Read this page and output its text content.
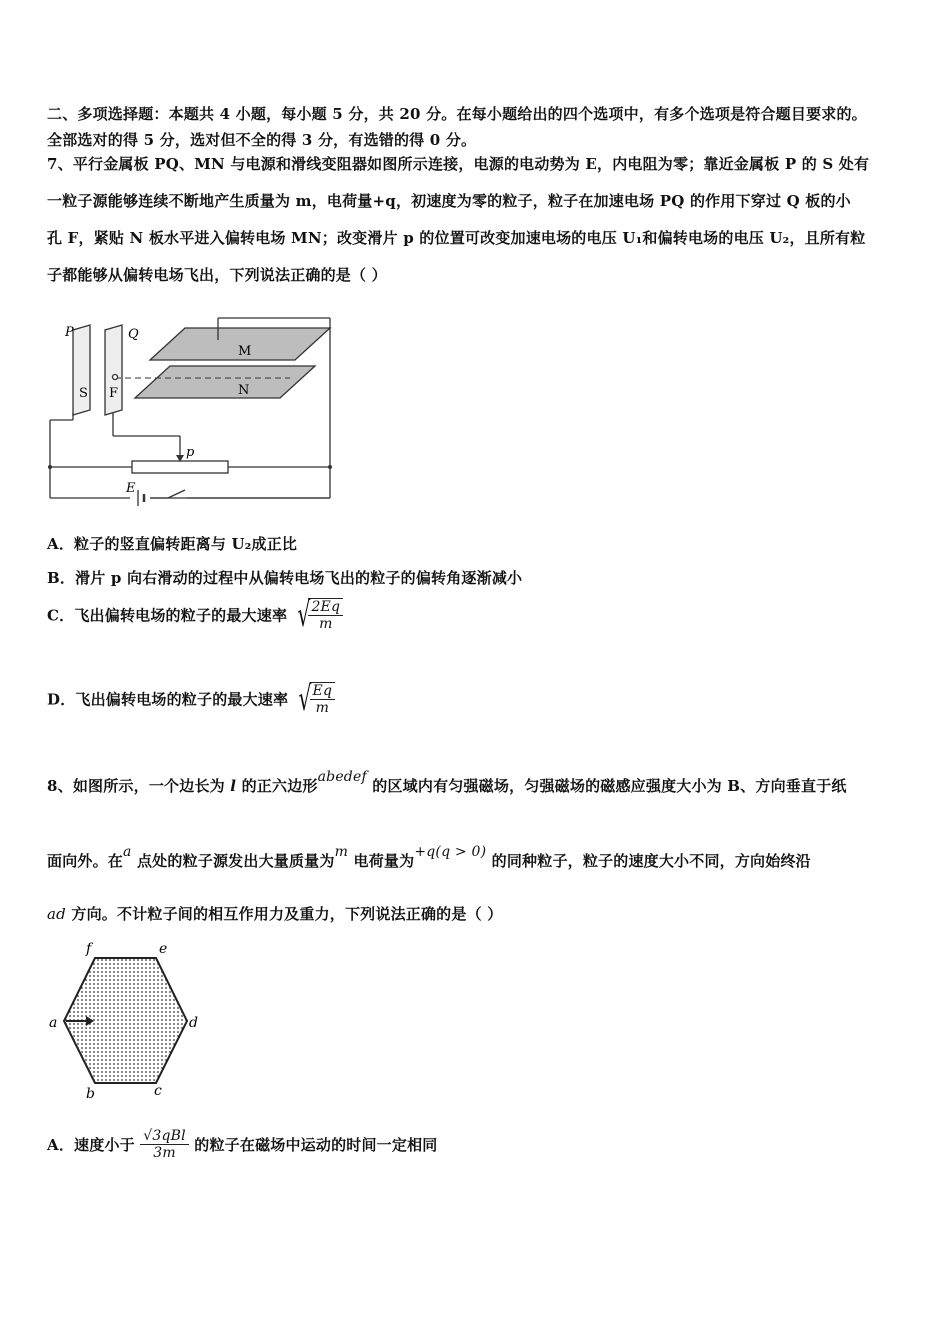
二、多项选择题：本题共 4 小题，每小题 5 分，共 20 分。在每小题给出的四个选项中，有多个选项是符合题目要求的。
全部选对的得 5 分，选对但不全的得 3 分，有选错的得 0 分。
7、平行金属板 PQ、MN 与电源和滑线变阻器如图所示连接，电源的电动势为 E，内电阻为零；靠近金属板 P 的 S 处有
一粒子源能够连续不断地产生质量为 m，电荷量+q，初速度为零的粒子，粒子在加速电场 PQ 的作用下穿过 Q 板的小
孔 F，紧贴 N 板水平进入偏转电场 MN；改变滑片 p 的位置可改变加速电场的电压 U₁和偏转电场的电压 U₂，且所有粒
子都能够从偏转电场飞出，下列说法正确的是（ ）
P	Q
M
N
S F
p
E
A．粒子的竖直偏转距离与 U₂成正比
B．滑片 p 向右滑动的过程中从偏转电场飞出的粒子的偏转角逐渐减小
C．飞出偏转电场的粒子的最大速率 √
$\frac{2Eq}{m}$
D．飞出偏转电场的粒子的最大速率 √
$\frac{Eq}{m}$
8、如图所示，一个边长为 l 的正六边形abedef 的区域内有匀强磁场，匀强磁场的磁感应强度大小为 B、方向垂直于纸
面向外。在a 点处的粒子源发出大量质量为m 电荷量为+q(q > 0) 的同种粒子，粒子的速度大小不同，方向始终沿
ad 方向。不计粒子间的相互作用力及重力，下列说法正确的是（ ）
a
b	c
d
e
f
A．速度小于 $\frac{\text{√3qBl}}{3m}$ 的粒子在磁场中运动的时间一定相同
